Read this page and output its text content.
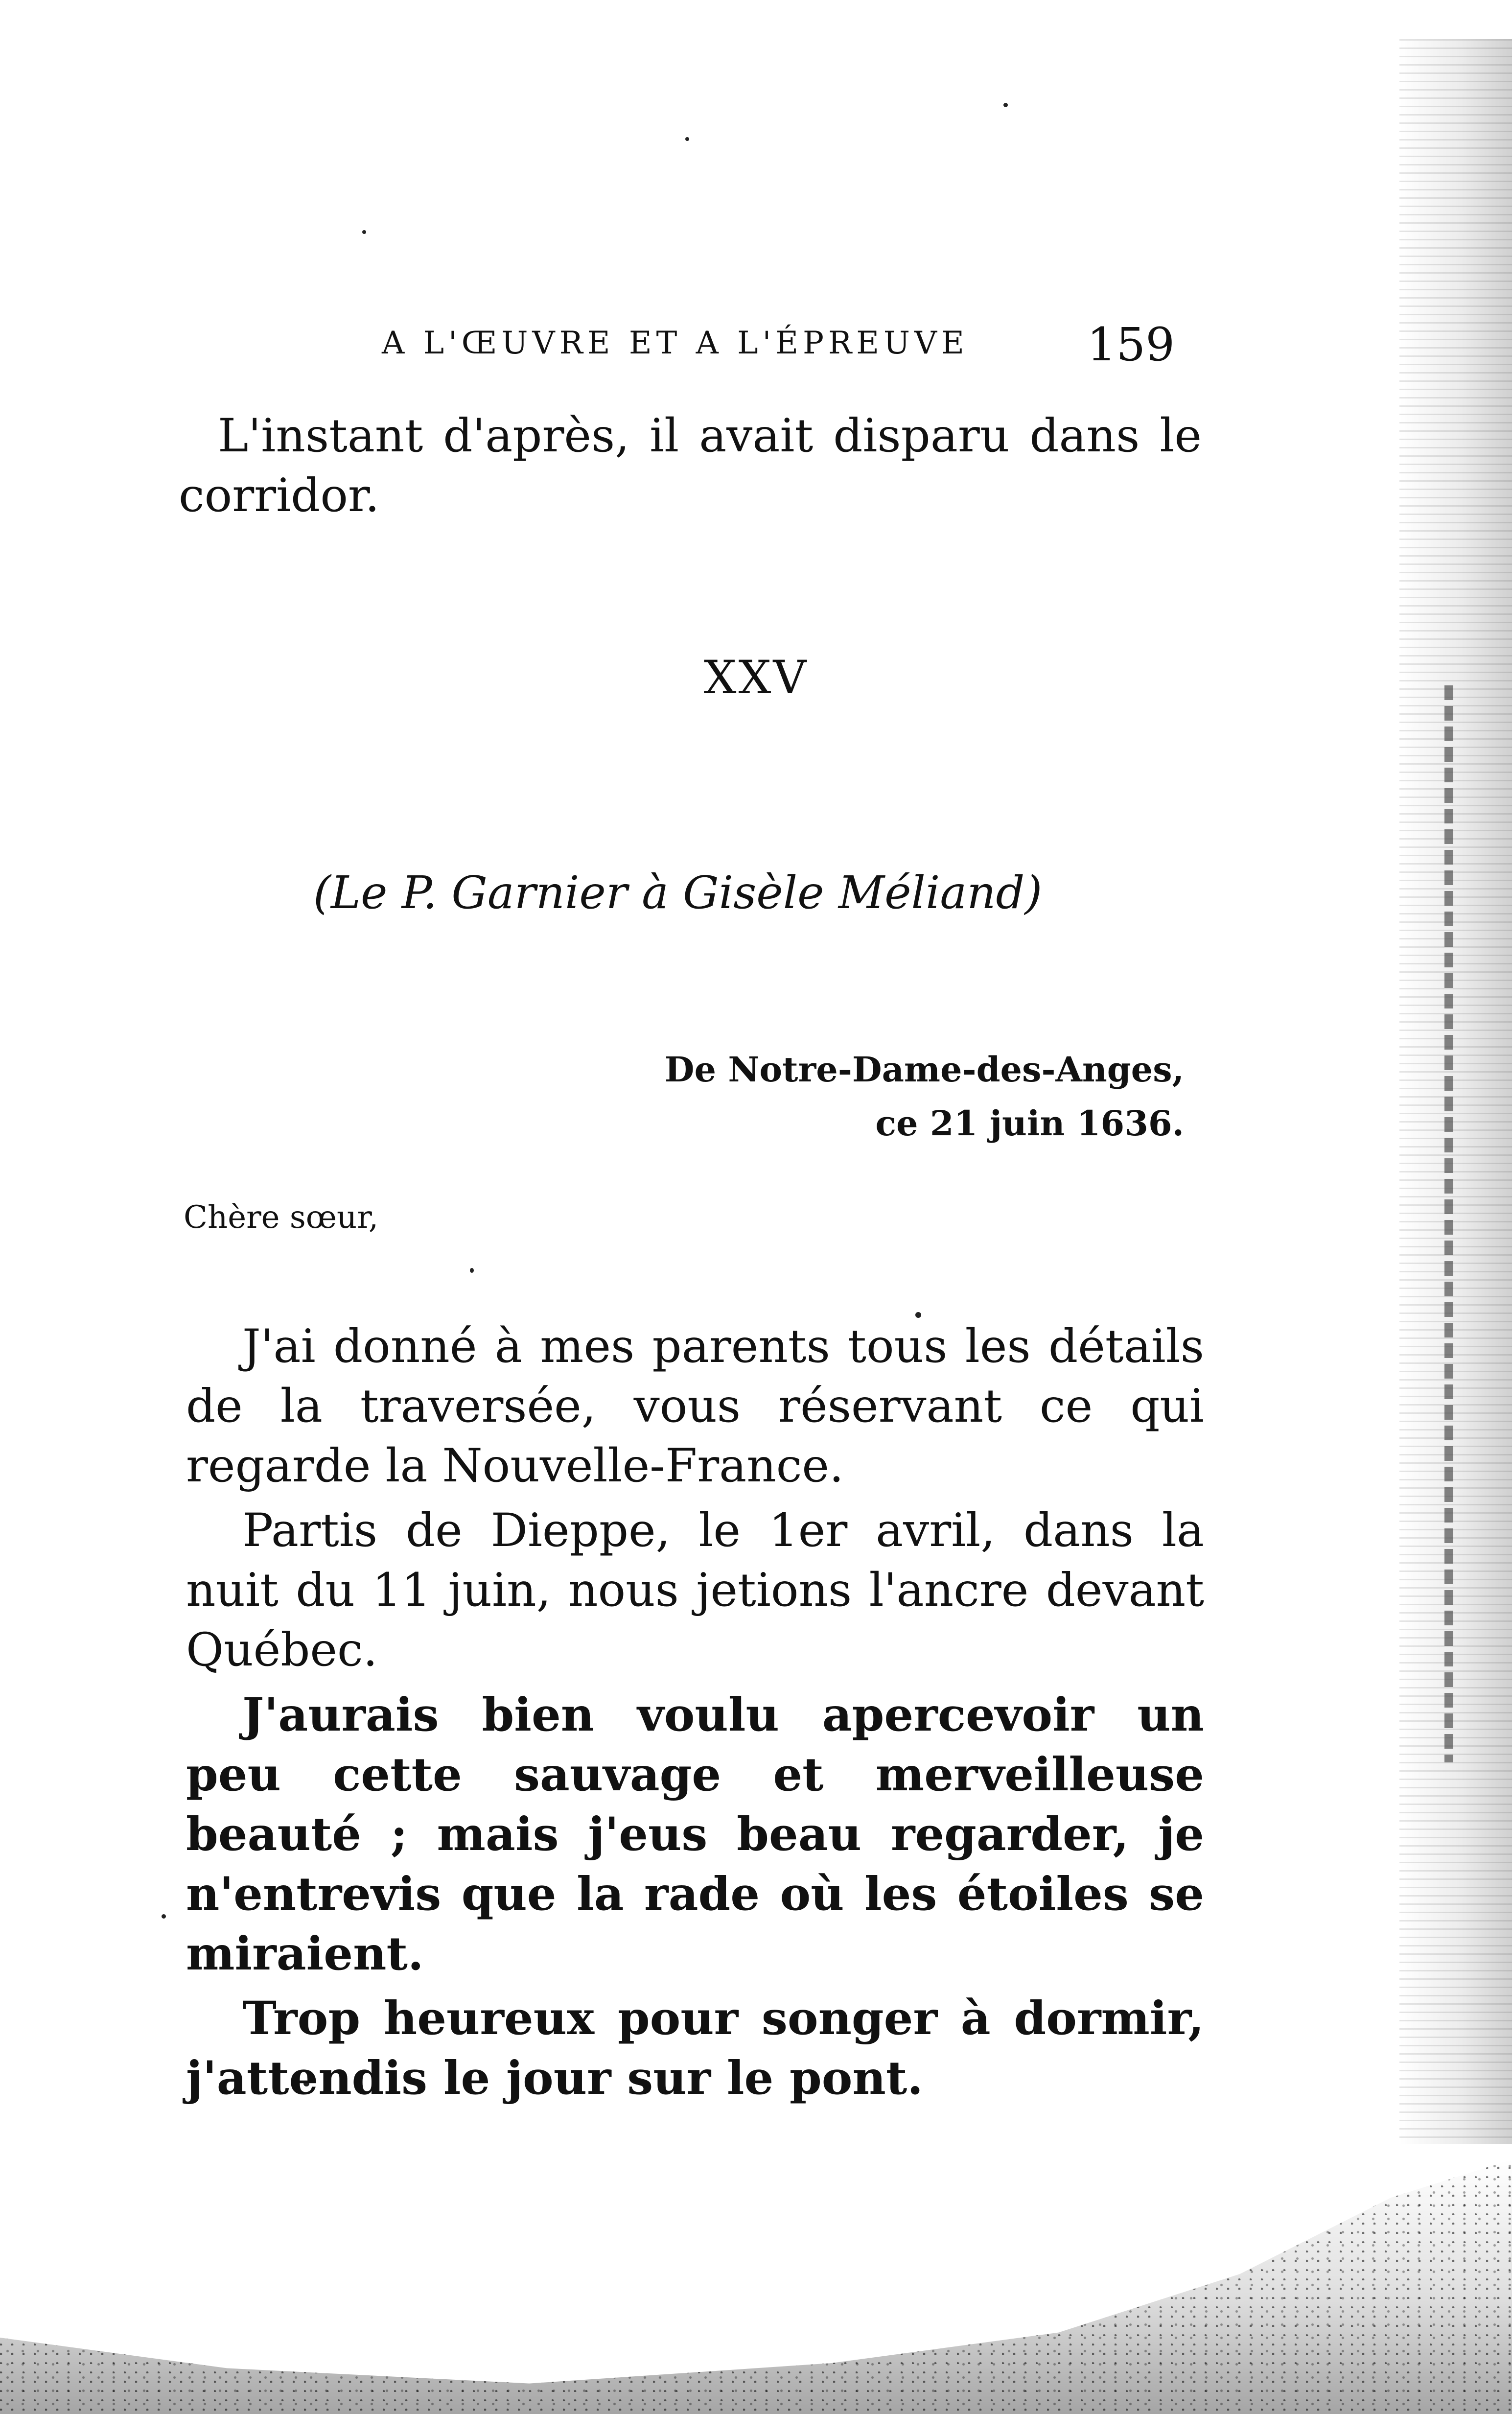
A L'ŒUVRE ET A L'ÉPREUVE	159
L'instant d'après, il avait disparu dans le corridor.
XXV
(Le P. Garnier à Gisèle Méliand)
De Notre-Dame-des-Anges,
ce 21 juin 1636.
Chère sœur,

J'ai donné à mes parents tous les détails de la traversée, vous réservant ce qui regarde la Nouvelle-France.

Partis de Dieppe, le 1er avril, dans la nuit du 11 juin, nous jetions l'ancre devant Québec.

J'aurais bien voulu apercevoir un peu cette sauvage et merveilleuse beauté ; mais j'eus beau regarder, je n'entrevis que la rade où les étoiles se miraient.

Trop heureux pour songer à dormir, j'attendis le jour sur le pont.
